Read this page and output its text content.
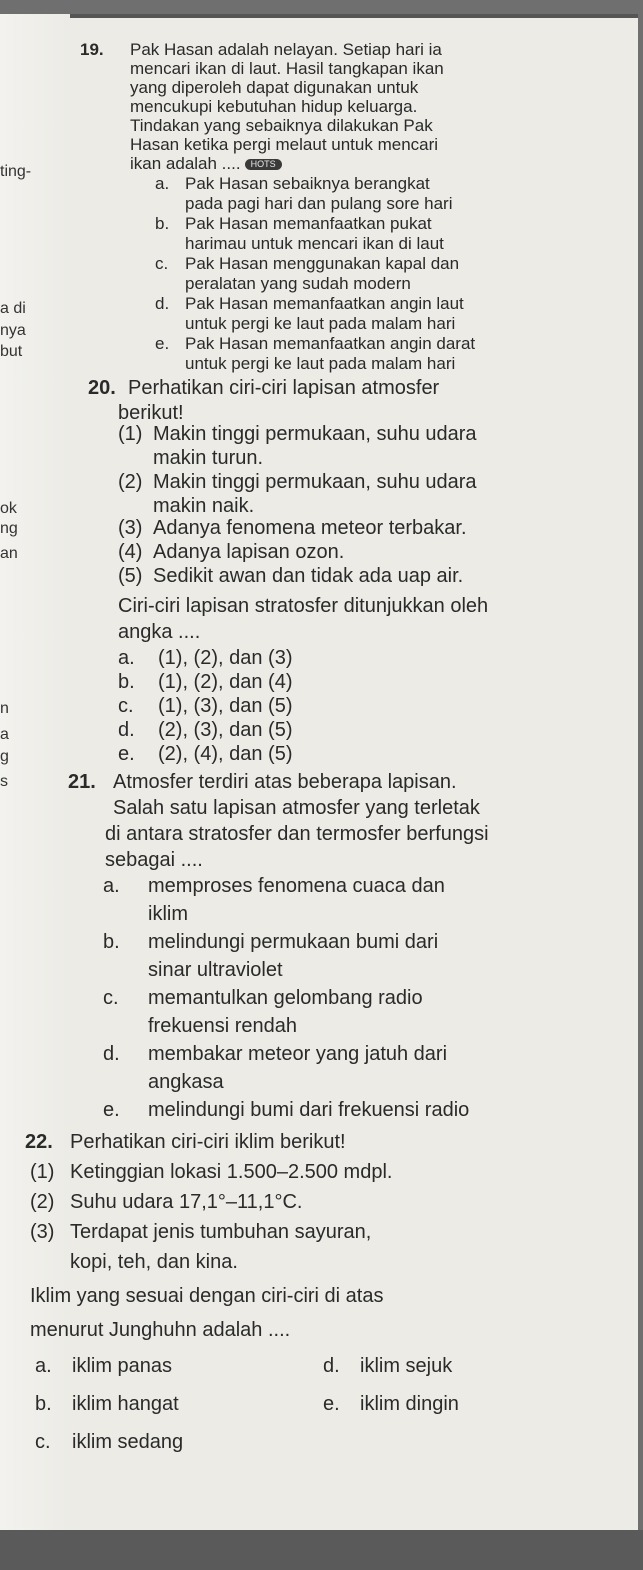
ting-
a di
nya
but
ok
ng
an
n
a
g
s
19. Pak Hasan adalah nelayan. Setiap hari ia
mencari ikan di laut. Hasil tangkapan ikan
yang diperoleh dapat digunakan untuk
mencukupi kebutuhan hidup keluarga.
Tindakan yang sebaiknya dilakukan Pak
Hasan ketika pergi melaut untuk mencari
ikan adalah .... HOTS
a. Pak Hasan sebaiknya berangkat
pada pagi hari dan pulang sore hari
b. Pak Hasan memanfaatkan pukat
harimau untuk mencari ikan di laut
c. Pak Hasan menggunakan kapal dan
peralatan yang sudah modern
d. Pak Hasan memanfaatkan angin laut
untuk pergi ke laut pada malam hari
e. Pak Hasan memanfaatkan angin darat
untuk pergi ke laut pada malam hari
20. Perhatikan ciri-ciri lapisan atmosfer
berikut!
(1) Makin tinggi permukaan, suhu udara
makin turun.
(2) Makin tinggi permukaan, suhu udara
makin naik.
(3) Adanya fenomena meteor terbakar.
(4) Adanya lapisan ozon.
(5) Sedikit awan dan tidak ada uap air.
Ciri-ciri lapisan stratosfer ditunjukkan oleh
angka ....
a. (1), (2), dan (3)
b. (1), (2), dan (4)
c. (1), (3), dan (5)
d. (2), (3), dan (5)
e. (2), (4), dan (5)
21. Atmosfer terdiri atas beberapa lapisan.
Salah satu lapisan atmosfer yang terletak
di antara stratosfer dan termosfer berfungsi
sebagai ....
a. memproses fenomena cuaca dan
iklim
b. melindungi permukaan bumi dari
sinar ultraviolet
c. memantulkan gelombang radio
frekuensi rendah
d. membakar meteor yang jatuh dari
angkasa
e. melindungi bumi dari frekuensi radio
22. Perhatikan ciri-ciri iklim berikut!
(1) Ketinggian lokasi 1.500–2.500 mdpl.
(2) Suhu udara 17,1°–11,1°C.
(3) Terdapat jenis tumbuhan sayuran,
kopi, teh, dan kina.
Iklim yang sesuai dengan ciri-ciri di atas
menurut Junghuhn adalah ....
a. iklim panas	d. iklim sejuk
b. iklim hangat	e. iklim dingin
c. iklim sedang
